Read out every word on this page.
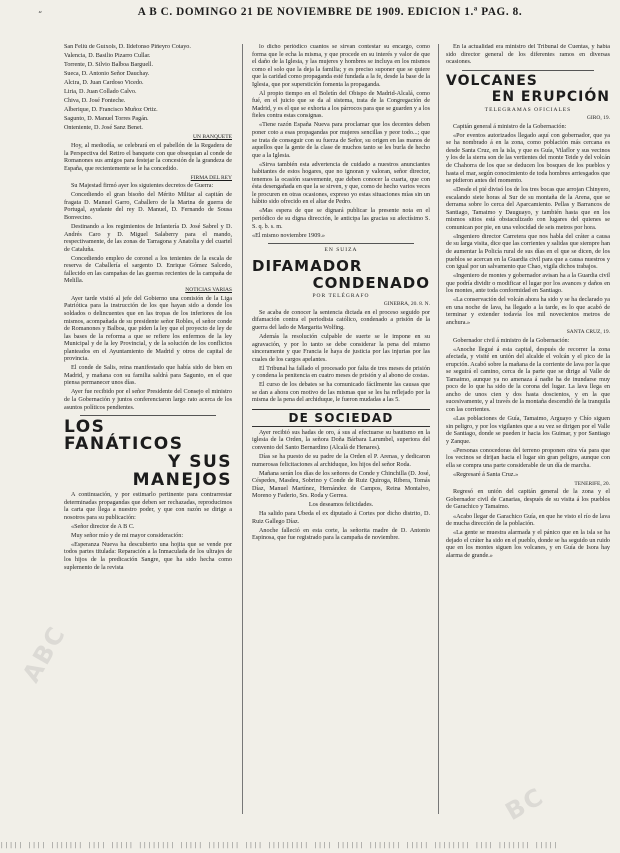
“	A B C. DOMINGO 21 DE NOVIEMBRE DE 1909. EDICION 1.ª PAG. 8.

San Feliú de Guíxols, D. Ildefonso Piñeyro Cotayo.

Valencia, D. Basilio Pizarro Cullar.

Torrente, D. Silvio Balboa Barguell.

Sueca, D. Antonio Señor Dauchay.

Alcira, D. Juan Cardoso Vicedo.

Liria, D. Juan Collado Calvo.

Chiva, D. José Fonteche.

Alberique, D. Francisco Muñoz Ortiz.

Sagunto, D. Manuel Torres Pagán.

Onteniente, D. José Sanz Benet.

UN BANQUETE

Hoy, al mediodía, se celebrará en el pabellón de la Regadera de la Perspectiva del Retiro el banquete con que obsequian al conde de Romanones sus amigos para festejar la concesión de la grandeza de España, que recientemente se le ha concedido.

FIRMA DEL REY

Su Majestad firmó ayer los siguientes decretos de Guerra:

Concediendo el gran bisoño del Mérito Militar al capitán de fragata D. Manuel Garro, Caballero de la Marina de guerra de Portugal, ayudante del rey D. Manuel, D. Fernando de Sousa Bonvecino.

Destinando a los regimientos de Infantería D. José Sabrel y D. Andrés Caro y D. Miguel Salaberry para el mando, respectivamente, de las zonas de Tarragona y Anatolia y del cuartel de Cataluña.

Concediendo empleo de coronel a los tenientes de la escala de reserva de Caballería el sargento D. Enrique Gómez Salcedo, fallecido en las campañas de las guerras recientes de la campaña de Melilla.

NOTICIAS VARIAS

Ayer tarde visitó al jefe del Gobierno una comisión de la Liga Patriótica para la instrucción de los que hayan sido a donde los soldados o delincuentes que en las tropas de los inferiores de los mismos, acompañada de su presidente señor Robles, el señor conde de Romanones y Balboa, que piden la ley que el proyecto de ley de las bases de la reforma a que se refiere los enfermos de la ley Municipal y de la ley Provincial, y de la solución de los conflictos planteados en el Ayuntamiento de Madrid y otros de capital de provincia.

El conde de Salis, reina manifestado que había sido de bien en Madrid, y mañana con su familia saldrá para Sagunto, en el que piensa permanecer unos días.

Ayer fue recibido por el señor Presidente del Consejo el ministro de la Gobernación y juntos conferenciaron largo rato acerca de los asuntos políticos pendientes.

LOS FANÁTICOS

Y SUS MANEJOS

A continuación, y por estimarlo pertinente para contrarrestar determinadas propagandas que deben ser rechazadas, reproducimos la carta que llega a nuestro poder, y que con razón se dirige a nosotros para su publicación:

«Señor director de A B C.

Muy señor mío y de mi mayor consideración:

«Esperanza Nueva ha descubierto una hojita que se vende por todos partes titulada: Reparación a la Inmaculada de los ultrajes de los hijos de la predicación Sangre, que ha sido hecha como suplemento de la revista

lo dicho periódico cuantos se sirvan contestar su encargo, como forma que le echa la misma, y que procede en su interés y valor de que el daño de la Iglesia, y las mujeres y hombres se incluya en los mismos como el solo que la deja la familia; y es preciso suponer que se quiere que la caridad como propaganda esté fundada a la fe, desde la base de la Iglesia, que por superstición fomenta la propaganda.

Al propio tiempo en el Boletín del Obispo de Madrid-Alcalá, como fué, en el juicio que se da al sistema, trata de la Congregación de Madrid, y es el que se exhorta a los párrocos para que se guarden y a los fieles contra estas consignas.

«Tiene razón España Nueva para proclamar que los decentes deben poner coto a esas propagandas por mujeres sencillas y peor todo...; que se trata de conseguir con su fuerza de Señor, su origen en las manos de aquellos que la gente de la clase de muchos tanto se les burla de hecho que a la Iglesia.

«Sirva también esta advertencia de cuidado a nuestros anunciantes habitantes de estos hogares, que no ignoran y valoran, señor director, tenemos la ocasión suavemente, que deben conocer la cuarta, que con ésta desengañada en que la se sirven, y que, como de hecho varios veces le procuren en otras ocasiones, expreso yo estas situaciones mías sin un hábito sido ofrecido en el altar de Pedro.

«Mas espera de que se dignará publicar la presente nota en el periódico de su digna dirección, le anticipa las gracias su afectísimo S. S. q. b. s. m.

«El mismo noviembre 1909.»

EN SUIZA

DIFAMADOR

CONDENADO

POR TELÉGRAFO

GINEBRA, 20. 8. N.

Se acaba de conocer la sentencia dictada en el proceso seguido por difamación contra el periodista católico, condenado a prisión de la guerra del lado de Margarita Wolfing.

Además la resolución culpable de suerte se le impone en su agravación, y por lo tanto se debe considerar la pena del mismo sinceramente y que Francia le haya de justicia por las injurias por las cuales de los cargos apelantes.

El Tribunal ha fallado el procesado por falta de tres meses de prisión y condena la penitencia en cuatro meses de prisión y al abono de costas.

El curso de los debates se ha comunicado fácilmente las causas que se dan a ahora con motivo de las mismas que se les ha reflejado por la misma de la pena del archiduque, le fueron mudadas a las 5.

DE SOCIEDAD

Ayer recibió sus hadas de oro, á sus al efectuarse su bautismo en la iglesia de la Orden, la señora Doña Bárbara Larumbel, superiora del convento del Santo Bernardino (Alcalá de Henares).

Días se ha puesto de su padre de la Orden el P. Arenas, y dedicaron numerosas felicitaciones al archiduque, los hijos del señor Roda.

Mañana serán los días de los señores de Conde y Chinchilla (D. José, Céspedes, Masdeu, Sobrino y Conde de Ruiz Quiroga, Ribera, Tomás Díaz, Manuel Martínez, Hernández de Campos, Reina Montalvo, Moreno y Faderio, Srs. Roda y Gerrea.

Los deseamos felicidades.

Ha salido para Ubeda el ex diputado á Cortes por dicho distrito, D. Ruiz Gallego Díaz.

Anoche falleció en esta corte, la señorita madre de D. Antonio Espinosa, que fue registrado para la campaña de noviembre.

En la actualidad era ministro del Tribunal de Cuentas, y había sido director general de los diferentes ramos en diversas ocasiones.

VOLCANES

EN ERUPCIÓN

TELEGRAMAS OFICIALES

GIRO, 19.

Capitán general á ministro de la Gobernación:

«Por eventos autorizados llegado aquí con gobernador, que ya se ha nombrado á en la zona, como población más cercana es desde Santa Cruz, en la isla, y que es Guía, Vilaflor y sus vecinos y los de la sierra son de las vertientes del monte Teide y del volcán de Chahorra de los que se deducen los bosques de los pueblos y hasta el mar, según conocimiento de toda hombres arriesgados que se pidieron antes del momento.

«Desde el pié divisó los de los tres bocas que arrojan Chinyero, escalando siete horas al Sur de su montaña de la Arena, que se derrama sobre lo cerca del Aparcamiento. Pellas y Barrancos de Santiago, Tamaimo y Dauguayo, y también hasta que en los mismos sitios está obstaculizado con lugares del quienes se comunican por pie, en una velocidad de seis metros por hora.

«Ingeniero director Carretera que nos habla del cráter a causa de su larga visita, dice que las corrientes y salidas que siempre han de aumentar la Policía rural de sus días en el que se dicen, de los pueblos se acercan en la Guardia civil para que a causa nuestros y con igual por un salvamento que Chao, vigila dichos trabajos.

«Ingeniero de montes y gobernador avisan ha a la Guardia civil que podría dividir o modificar el lugar por los avances y daños en los montes, ante toda conformidad en Santiago.

«La conservación del volcán ahora ha sido y se ha declarado ya en una noche de lava, ha llegado a la tarde, es lo que acabó de terminar y extender todavía los mil novecientos metros de anchura.»

SANTA CRUZ, 19.

Gobernador civil á ministro de la Gobernación:

«Anoche llegué á esta capital, después de recorrer la zona afectada, y visité en unión del alcalde el volcán y el pico de la erupción. Acabó sobre la mañana de la corriente de lava por la que se seguirá el camino, cerca de la parte que se dirige al Valle de Tamaimo, aunque ya no amenaza á nadie ha de inundarse muy poco de lo que ha sido de la corona del lugar. La lava llega en ancho de unos cien y dos hasta doscientos, y en la que sucesivamente, y al través de la montaña descendió de la tranquila con las corrientes.

«Las poblaciones de Guía, Tamaimo, Arguayo y Chío siguen sin peligro, y por los vigilantes que a su vez se dirigen por el Valle de Santiago, donde se pueden ir hacia los Guimar, y por Santiago y Zanque.

«Personas conocedoras del terreno proponen otra vía para que los vecinos se dirijan hacia el lugar sin gran peligro, aunque con ella se compra una parte considerable de un día de marcha.

«Regresaré á Santa Cruz.»

TENERIFE, 20.

Regresó en unión del capitán general de la zona y el Gobernador civil de Canarias, después de su visita á los pueblos de Garachico y Tamaimo.

«Acabo llegar de Garachico Guía, en que he visto el río de lava de mucha dirección de la población.

«La gente se muestra alarmada y el pánico que en la isla se ha dejado el cráter ha sido en el pueblo, donde se ha seguido un ruido que en los montes siguen los volcanes, y en Guía de Isora hay alarma de grande.»

ABC
BC
||||| |||| ||||||| |||| ||||| |||||||| ||||| ||||||| |||| ||||||||| |||| |||||| ||||||| ||||| |||||||| |||| ||||||| |||||
